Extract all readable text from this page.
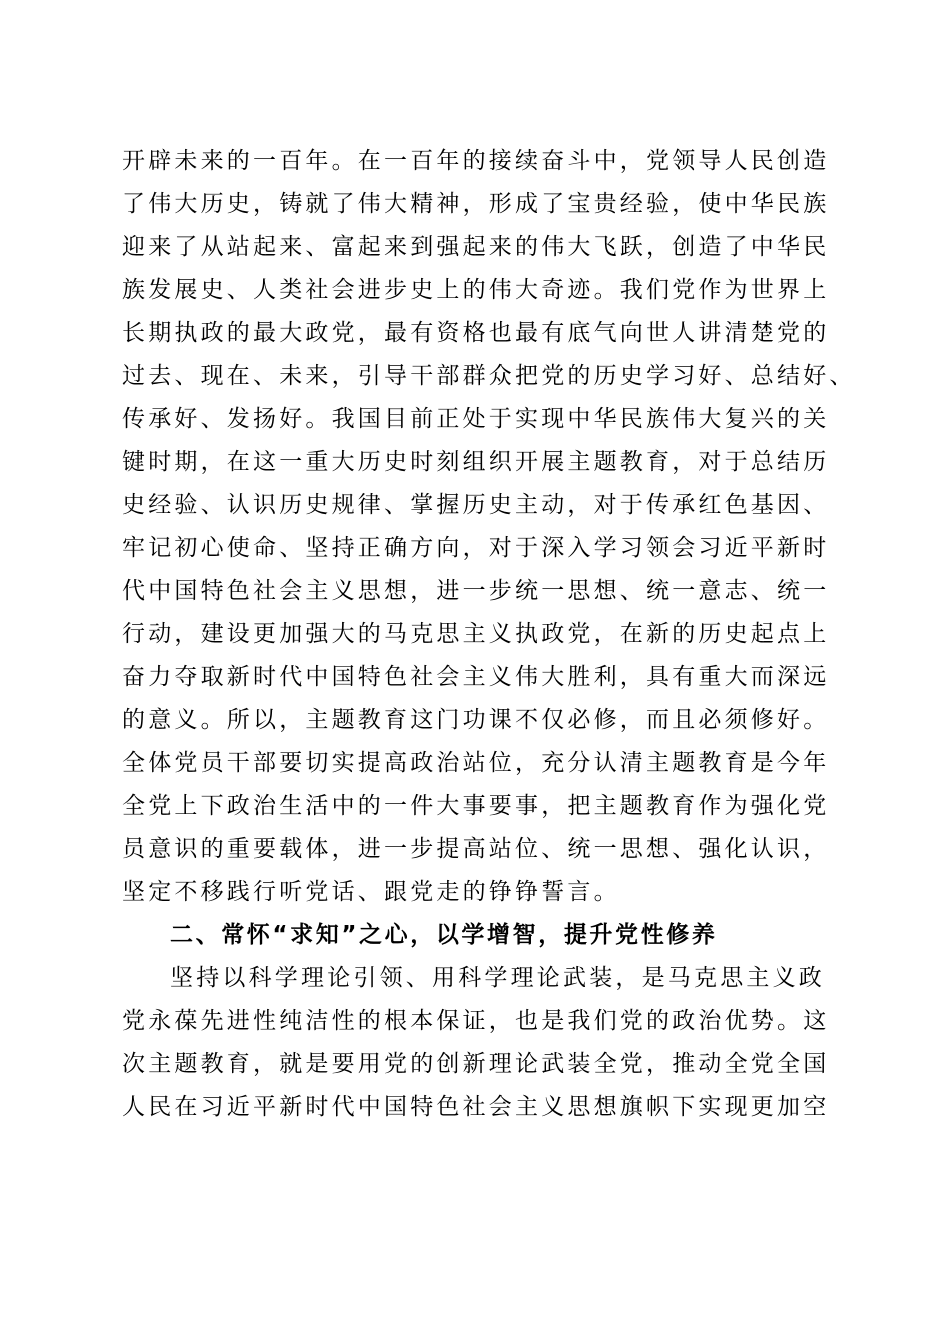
开辟未来的一百年。在一百年的接续奋斗中，党领导人民创造
了伟大历史，铸就了伟大精神，形成了宝贵经验，使中华民族
迎来了从站起来、富起来到强起来的伟大飞跃，创造了中华民
族发展史、人类社会进步史上的伟大奇迹。我们党作为世界上
长期执政的最大政党，最有资格也最有底气向世人讲清楚党的
过去、现在、未来，引导干部群众把党的历史学习好、总结好、
传承好、发扬好。我国目前正处于实现中华民族伟大复兴的关
键时期，在这一重大历史时刻组织开展主题教育，对于总结历
史经验、认识历史规律、掌握历史主动，对于传承红色基因、
牢记初心使命、坚持正确方向，对于深入学习领会习近平新时
代中国特色社会主义思想，进一步统一思想、统一意志、统一
行动，建设更加强大的马克思主义执政党，在新的历史起点上
奋力夺取新时代中国特色社会主义伟大胜利，具有重大而深远
的意义。所以，主题教育这门功课不仅必修，而且必须修好。
全体党员干部要切实提高政治站位，充分认清主题教育是今年
全党上下政治生活中的一件大事要事，把主题教育作为强化党
员意识的重要载体，进一步提高站位、统一思想、强化认识，
坚定不移践行听党话、跟党走的铮铮誓言。
二、常怀“求知”之心，以学增智，提升党性修养
坚持以科学理论引领、用科学理论武装，是马克思主义政
党永葆先进性纯洁性的根本保证，也是我们党的政治优势。这
次主题教育，就是要用党的创新理论武装全党，推动全党全国
人民在习近平新时代中国特色社会主义思想旗帜下实现更加空
